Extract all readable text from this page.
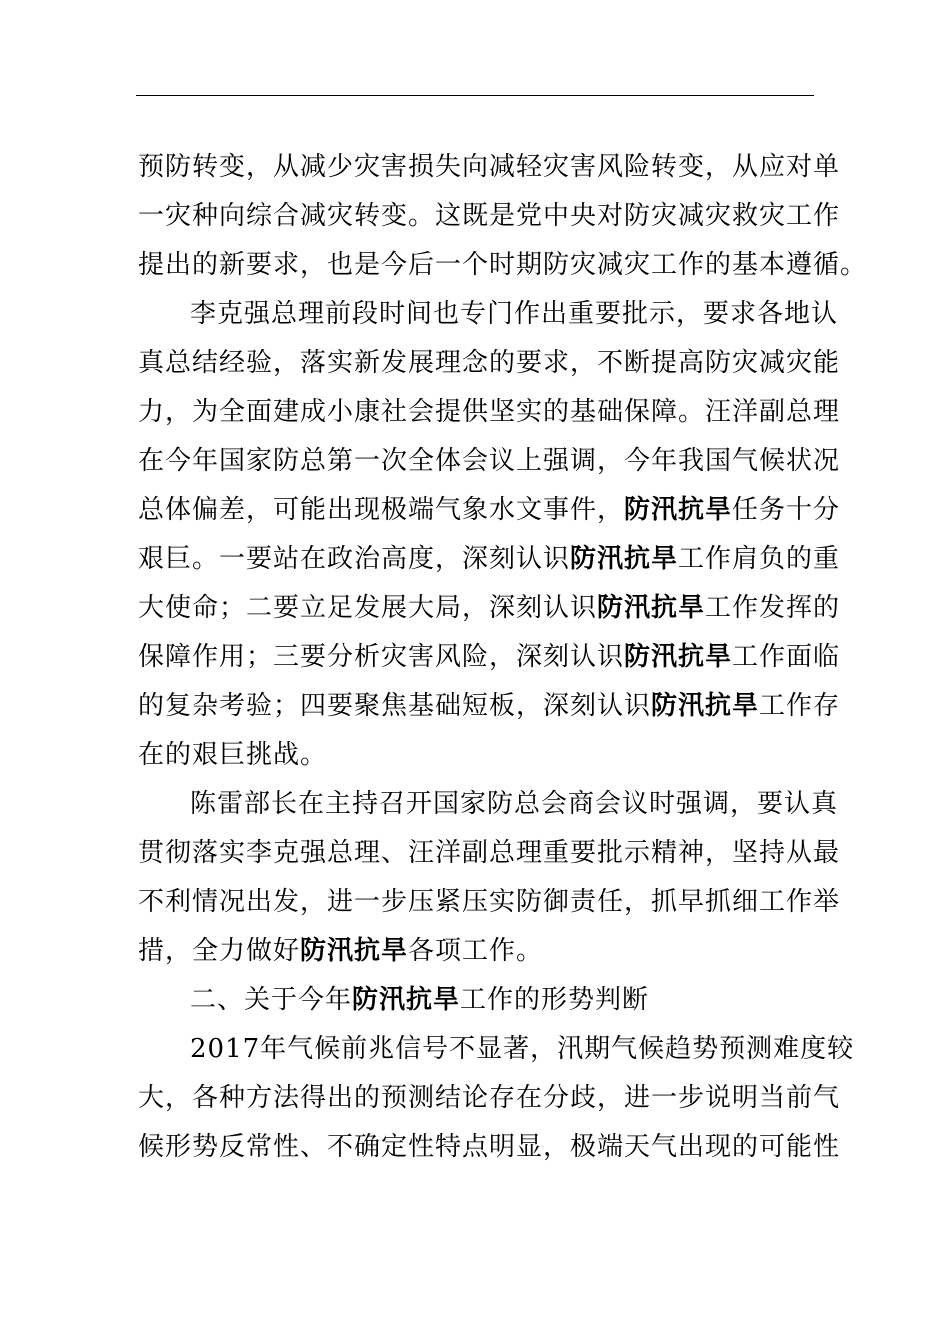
预防转变，从减少灾害损失向减轻灾害风险转变，从应对单
一灾种向综合减灾转变。这既是党中央对防灾减灾救灾工作
提出的新要求，也是今后一个时期防灾减灾工作的基本遵循。
李克强总理前段时间也专门作出重要批示，要求各地认
真总结经验，落实新发展理念的要求，不断提高防灾减灾能
力，为全面建成小康社会提供坚实的基础保障。汪洋副总理
在今年国家防总第一次全体会议上强调，今年我国气候状况
总体偏差，可能出现极端气象水文事件，防汛抗旱任务十分
艰巨。一要站在政治高度，深刻认识防汛抗旱工作肩负的重
大使命；二要立足发展大局，深刻认识防汛抗旱工作发挥的
保障作用；三要分析灾害风险，深刻认识防汛抗旱工作面临
的复杂考验；四要聚焦基础短板，深刻认识防汛抗旱工作存
在的艰巨挑战。
陈雷部长在主持召开国家防总会商会议时强调，要认真
贯彻落实李克强总理、汪洋副总理重要批示精神，坚持从最
不利情况出发，进一步压紧压实防御责任，抓早抓细工作举
措，全力做好防汛抗旱各项工作。
二、关于今年防汛抗旱工作的形势判断
2017年气候前兆信号不显著，汛期气候趋势预测难度较
大，各种方法得出的预测结论存在分歧，进一步说明当前气
候形势反常性、不确定性特点明显，极端天气出现的可能性
